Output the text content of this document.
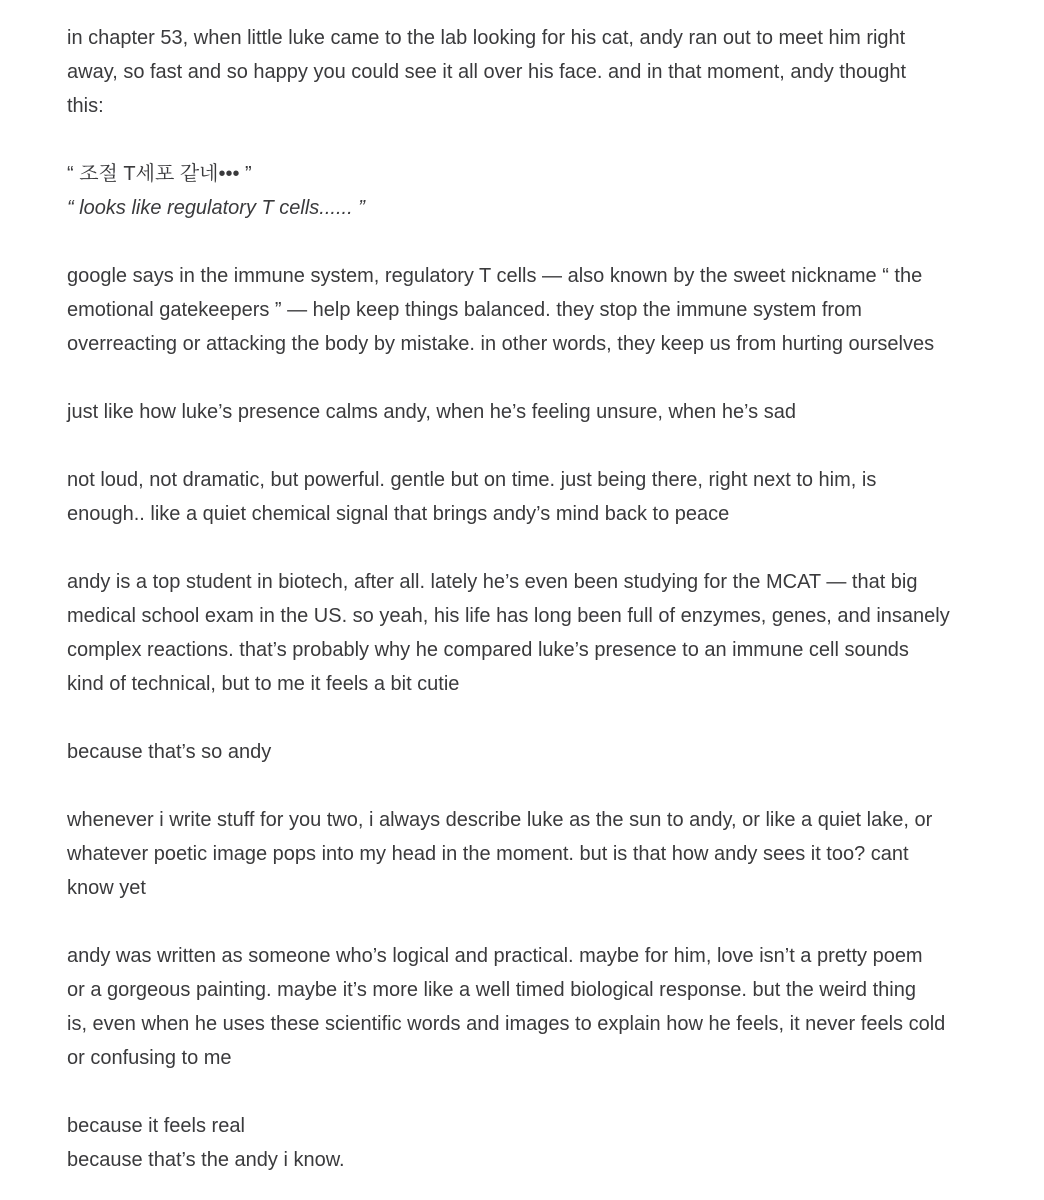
in chapter 53, when little luke came to the lab looking for his cat, andy ran out to meet him right

away, so fast and so happy you could see it all over his face. and in that moment, andy thought

this:

“ 조절 T세포 같네••• ”

“ looks like regulatory T cells...... ”

google says in the immune system, regulatory T cells — also known by the sweet nickname “ the

emotional gatekeepers ” — help keep things balanced. they stop the immune system from

overreacting or attacking the body by mistake. in other words, they keep us from hurting ourselves

just like how luke’s presence calms andy, when he’s feeling unsure, when he’s sad

not loud, not dramatic, but powerful. gentle but on time. just being there, right next to him, is

enough.. like a quiet chemical signal that brings andy’s mind back to peace

andy is a top student in biotech, after all. lately he’s even been studying for the MCAT — that big

medical school exam in the US. so yeah, his life has long been full of enzymes, genes, and insanely

complex reactions. that’s probably why he compared luke’s presence to an immune cell sounds

kind of technical, but to me it feels a bit cutie

because that’s so andy

whenever i write stuff for you two, i always describe luke as the sun to andy, or like a quiet lake, or

whatever poetic image pops into my head in the moment. but is that how andy sees it too? cant

know yet

andy was written as someone who’s logical and practical. maybe for him, love isn’t a pretty poem

or a gorgeous painting. maybe it’s more like a well timed biological response. but the weird thing

is, even when he uses these scientific words and images to explain how he feels, it never feels cold

or confusing to me

because it feels real

because that’s the andy i know.
